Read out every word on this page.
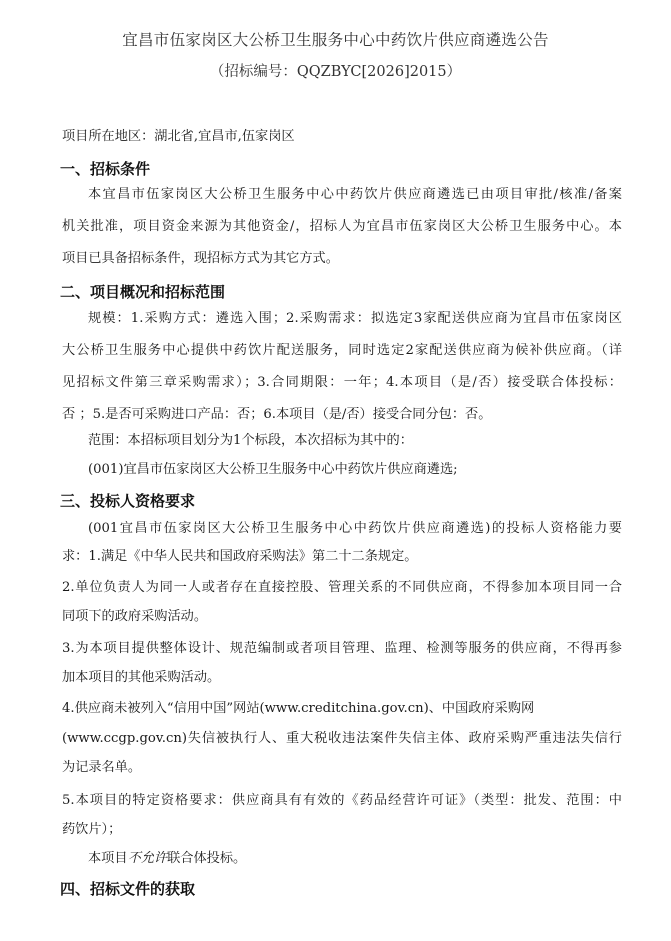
宜昌市伍家岗区大公桥卫生服务中心中药饮片供应商遴选公告
（招标编号：QQZBYC[2026]2015）
项目所在地区：湖北省,宜昌市,伍家岗区
一、招标条件
本宜昌市伍家岗区大公桥卫生服务中心中药饮片供应商遴选已由项目审批/核准/备案
机关批准，项目资金来源为其他资金/，招标人为宜昌市伍家岗区大公桥卫生服务中心。本
项目已具备招标条件，现招标方式为其它方式。
二、项目概况和招标范围
规模：1.采购方式：遴选入围；2.采购需求：拟选定3家配送供应商为宜昌市伍家岗区
大公桥卫生服务中心提供中药饮片配送服务，同时选定2家配送供应商为候补供应商。（详
见招标文件第三章采购需求）；3.合同期限：一年；4.本项目（是/否）接受联合体投标：
否 ；5.是否可采购进口产品：否；6.本项目（是/否）接受合同分包：否。
范围：本招标项目划分为1个标段，本次招标为其中的：
(001)宜昌市伍家岗区大公桥卫生服务中心中药饮片供应商遴选;
三、投标人资格要求
(001宜昌市伍家岗区大公桥卫生服务中心中药饮片供应商遴选)的投标人资格能力要
求：1.满足《中华人民共和国政府采购法》第二十二条规定。
2.单位负责人为同一人或者存在直接控股、管理关系的不同供应商，不得参加本项目同一合
同项下的政府采购活动。
3.为本项目提供整体设计、规范编制或者项目管理、监理、检测等服务的供应商，不得再参
加本项目的其他采购活动。
4.供应商未被列入“信用中国”网站(www.creditchina.gov.cn)、中国政府采购网
(www.ccgp.gov.cn)失信被执行人、重大税收违法案件失信主体、政府采购严重违法失信行
为记录名单。
5.本项目的特定资格要求：供应商具有有效的《药品经营许可证》（类型：批发、范围：中
药饮片）；
本项目不允许联合体投标。
四、招标文件的获取
